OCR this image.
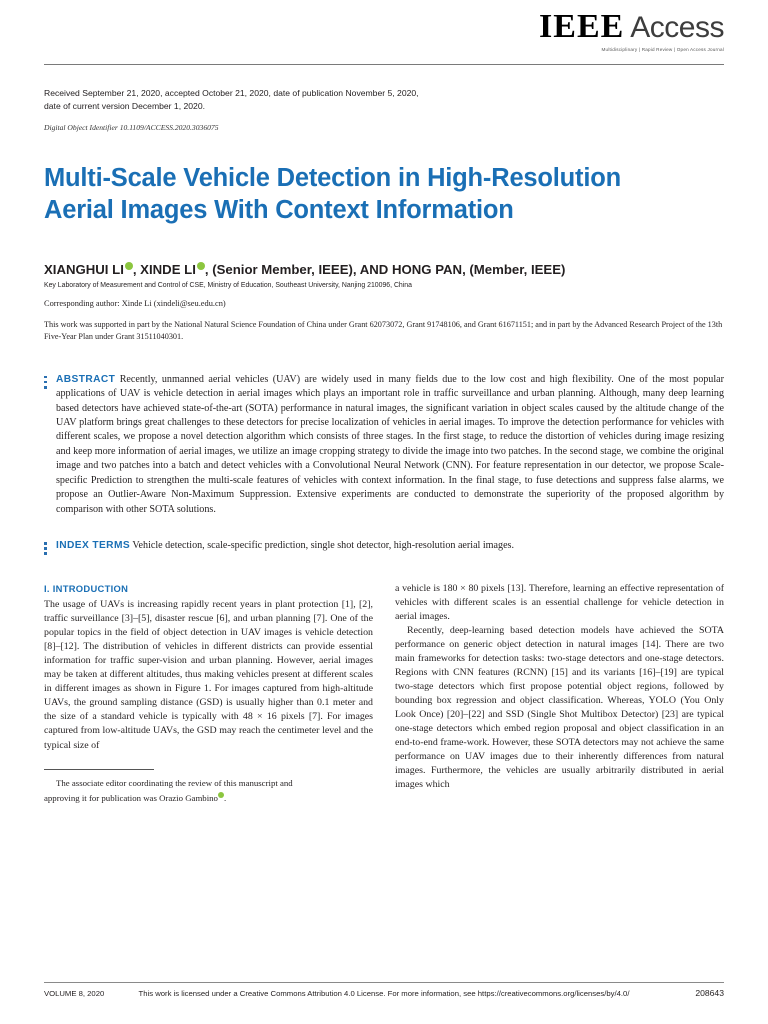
IEEE Access
Multidisciplinary | Rapid Review | Open Access Journal
Received September 21, 2020, accepted October 21, 2020, date of publication November 5, 2020,
date of current version December 1, 2020.
Digital Object Identifier 10.1109/ACCESS.2020.3036075
Multi-Scale Vehicle Detection in High-Resolution
Aerial Images With Context Information
XIANGHUI LI , XINDE LI , (Senior Member, IEEE), AND HONG PAN, (Member, IEEE)
Key Laboratory of Measurement and Control of CSE, Ministry of Education, Southeast University, Nanjing 210096, China
Corresponding author: Xinde Li (xindeli@seu.edu.cn)
This work was supported in part by the National Natural Science Foundation of China under Grant 62073072, Grant 91748106, and Grant 61671151; and in part by the Advanced Research Project of the 13th Five-Year Plan under Grant 31511040301.
ABSTRACT Recently, unmanned aerial vehicles (UAV) are widely used in many fields due to the low cost and high flexibility. One of the most popular applications of UAV is vehicle detection in aerial images which plays an important role in traffic surveillance and urban planning. Although, many deep learning based detectors have achieved state-of-the-art (SOTA) performance in natural images, the significant variation in object scales caused by the altitude change of the UAV platform brings great challenges to these detectors for precise localization of vehicles in aerial images. To improve the detection performance for vehicles with different scales, we propose a novel detection algorithm which consists of three stages. In the first stage, to reduce the distortion of vehicles during image resizing and keep more information of aerial images, we utilize an image cropping strategy to divide the image into two patches. In the second stage, we combine the original image and two patches into a batch and detect vehicles with a Convolutional Neural Network (CNN). For feature representation in our detector, we propose Scale-specific Prediction to strengthen the multi-scale features of vehicles with context information. In the final stage, to fuse detections and suppress false alarms, we propose an Outlier-Aware Non-Maximum Suppression. Extensive experiments are conducted to demonstrate the superiority of the proposed algorithm by comparison with other SOTA solutions.
INDEX TERMS Vehicle detection, scale-specific prediction, single shot detector, high-resolution aerial images.
I. INTRODUCTION

The usage of UAVs is increasing rapidly recent years in plant protection [1], [2], traffic surveillance [3]–[5], disaster rescue [6], and urban planning [7]. One of the popular topics in the field of object detection in UAV images is vehicle detection [8]–[12]. The distribution of vehicles in different districts can provide essential information for traffic super-vision and urban planning. However, aerial images may be taken at different altitudes, thus making vehicles present at different scales in different images as shown in Figure 1. For images captured from high-altitude UAVs, the ground sampling distance (GSD) is usually higher than 0.1 meter and the size of a standard vehicle is typically with 48 × 16 pixels [7]. For images captured from low-altitude UAVs, the GSD may reach the centimeter level and the typical size of

The associate editor coordinating the review of this manuscript and

approving it for publication was Orazio Gambino .

a vehicle is 180 × 80 pixels [13]. Therefore, learning an effective representation of vehicles with different scales is an essential challenge for vehicle detection in aerial images.

Recently, deep-learning based detection models have achieved the SOTA performance on generic object detection in natural images [14]. There are two main frameworks for detection tasks: two-stage detectors and one-stage detectors. Regions with CNN features (RCNN) [15] and its variants [16]–[19] are typical two-stage detectors which first propose potential object regions, followed by bounding box regression and object classification. Whereas, YOLO (You Only Look Once) [20]–[22] and SSD (Single Shot Multibox Detector) [23] are typical one-stage detectors which embed region proposal and object classification in an end-to-end frame-work. However, these SOTA detectors may not achieve the same performance on UAV images due to their inherently differences from natural images. Furthermore, the vehicles are usually arbitrarily distributed in aerial images which

VOLUME 8, 2020	This work is licensed under a Creative Commons Attribution 4.0 License. For more information, see https://creativecommons.org/licenses/by/4.0/	208643
